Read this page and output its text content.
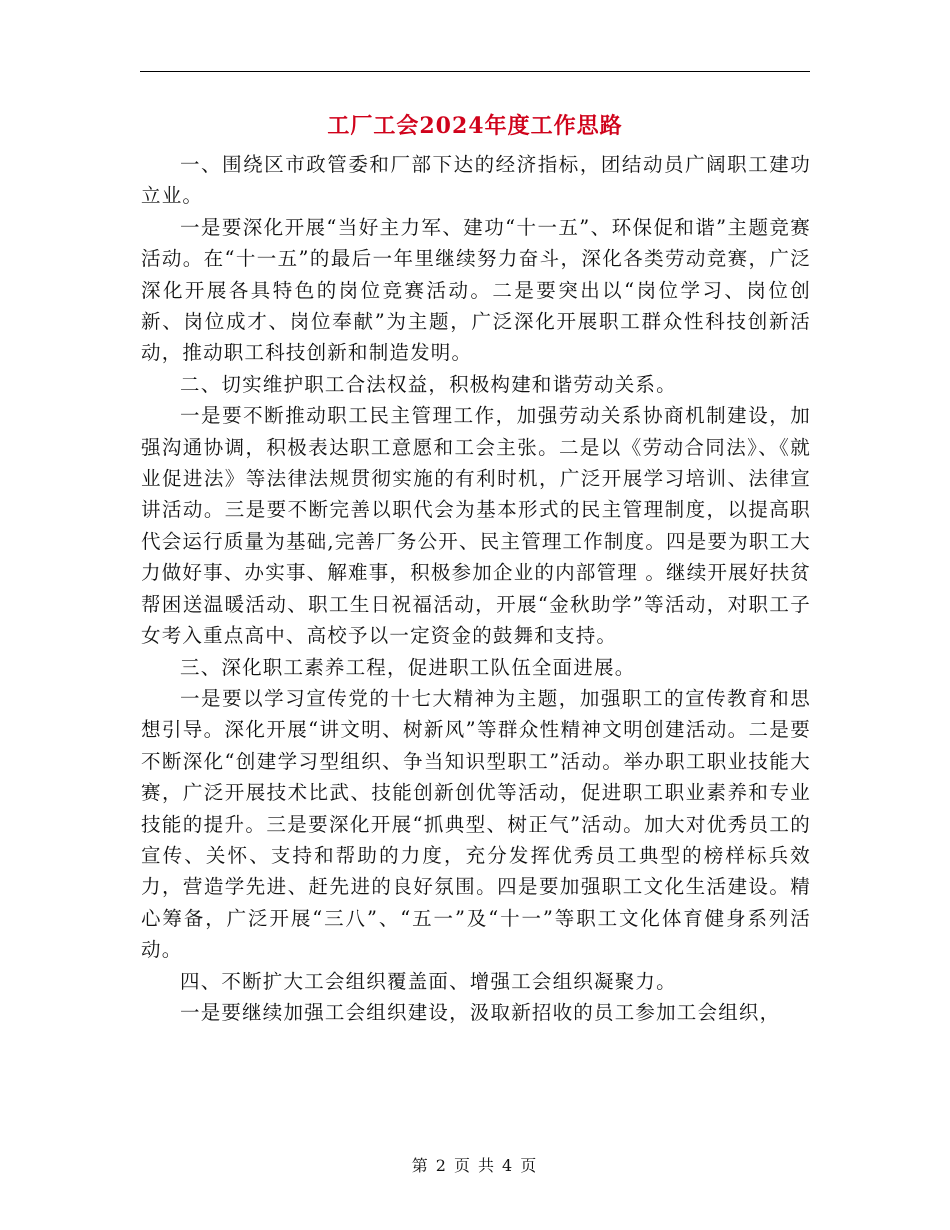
工厂工会2024年度工作思路

一、围绕区市政管委和厂部下达的经济指标，团结动员广阔职工建功立业。

一是要深化开展“当好主力军、建功“十一五”、环保促和谐”主题竞赛活动。在“十一五”的最后一年里继续努力奋斗，深化各类劳动竞赛，广泛深化开展各具特色的岗位竞赛活动。二是要突出以“岗位学习、岗位创新、岗位成才、岗位奉献”为主题，广泛深化开展职工群众性科技创新活动，推动职工科技创新和制造发明。

二、切实维护职工合法权益，积极构建和谐劳动关系。

一是要不断推动职工民主管理工作，加强劳动关系协商机制建设，加强沟通协调，积极表达职工意愿和工会主张。二是以《劳动合同法》、《就业促进法》等法律法规贯彻实施的有利时机，广泛开展学习培训、法律宣讲活动。三是要不断完善以职代会为基本形式的民主管理制度，以提高职代会运行质量为基础,完善厂务公开、民主管理工作制度。四是要为职工大力做好事、办实事、解难事，积极参加企业的内部管理 。继续开展好扶贫帮困送温暖活动、职工生日祝福活动，开展“金秋助学”等活动，对职工子女考入重点高中、高校予以一定资金的鼓舞和支持。

三、深化职工素养工程，促进职工队伍全面进展。

一是要以学习宣传党的十七大精神为主题，加强职工的宣传教育和思想引导。深化开展“讲文明、树新风”等群众性精神文明创建活动。二是要不断深化“创建学习型组织、争当知识型职工”活动。举办职工职业技能大赛，广泛开展技术比武、技能创新创优等活动，促进职工职业素养和专业技能的提升。三是要深化开展“抓典型、树正气”活动。加大对优秀员工的宣传、关怀、支持和帮助的力度，充分发挥优秀员工典型的榜样标兵效力，营造学先进、赶先进的良好氛围。四是要加强职工文化生活建设。精心筹备，广泛开展“三八”、“五一”及“十一”等职工文化体育健身系列活动。

四、不断扩大工会组织覆盖面、增强工会组织凝聚力。

一是要继续加强工会组织建设，汲取新招收的员工参加工会组织，

第 2 页 共 4 页
